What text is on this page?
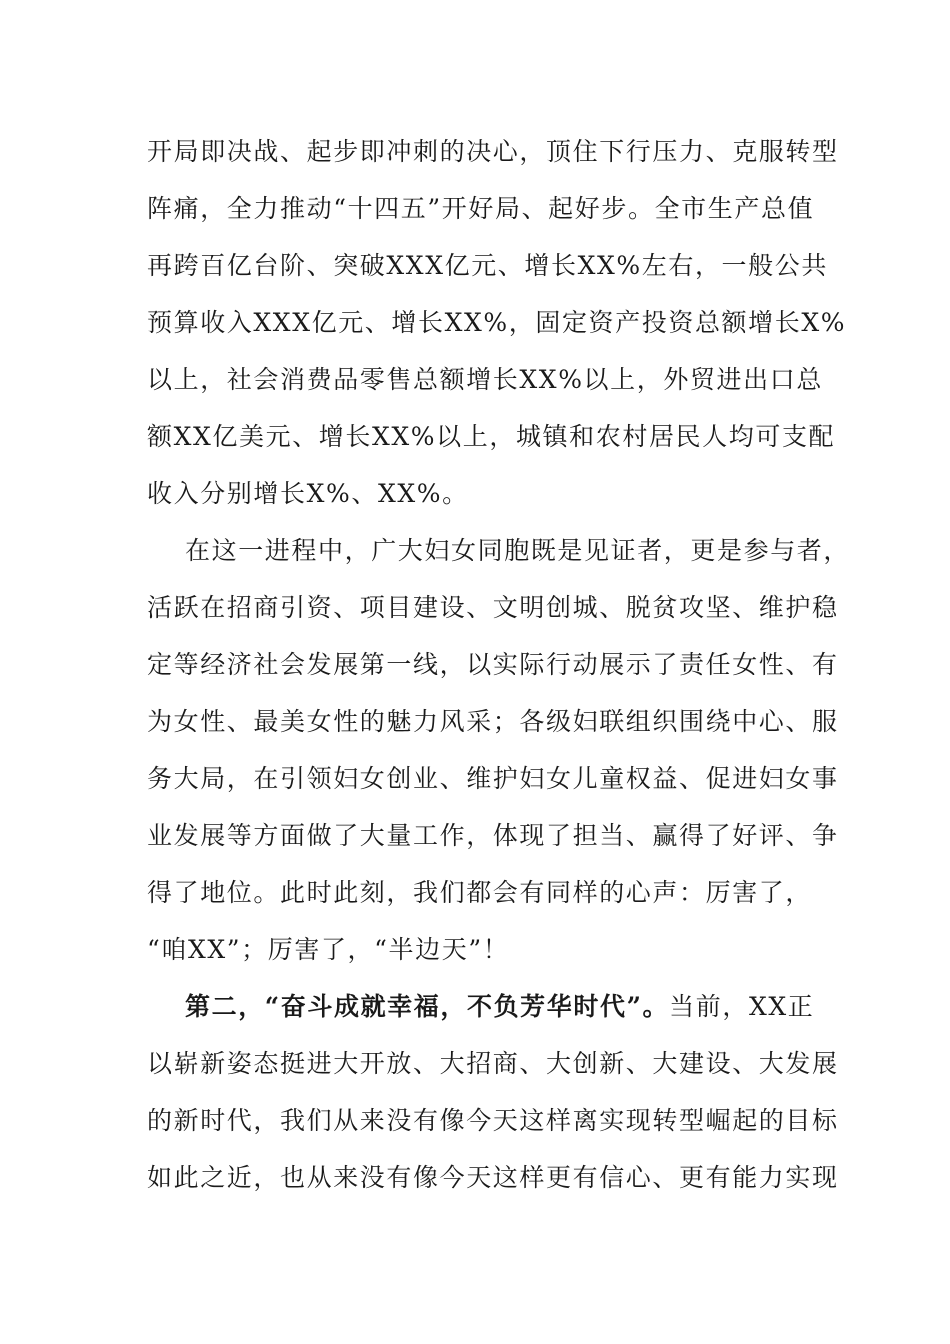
开局即决战、起步即冲刺的决心，顶住下行压力、克服转型
阵痛，全力推动“十四五”开好局、起好步。全市生产总值
再跨百亿台阶、突破XXX亿元、增长XX%左右，一般公共
预算收入XXX亿元、增长XX%，固定资产投资总额增长X%
以上，社会消费品零售总额增长XX%以上，外贸进出口总
额XX亿美元、增长XX%以上，城镇和农村居民人均可支配
收入分别增长X%、XX%。
在这一进程中，广大妇女同胞既是见证者，更是参与者，
活跃在招商引资、项目建设、文明创城、脱贫攻坚、维护稳
定等经济社会发展第一线，以实际行动展示了责任女性、有
为女性、最美女性的魅力风采；各级妇联组织围绕中心、服
务大局，在引领妇女创业、维护妇女儿童权益、促进妇女事
业发展等方面做了大量工作，体现了担当、赢得了好评、争
得了地位。此时此刻，我们都会有同样的心声：厉害了，
“咱XX”；厉害了，“半边天”！
第二，“奋斗成就幸福，不负芳华时代”。当前，XX正
以崭新姿态挺进大开放、大招商、大创新、大建设、大发展
的新时代，我们从来没有像今天这样离实现转型崛起的目标
如此之近，也从来没有像今天这样更有信心、更有能力实现
